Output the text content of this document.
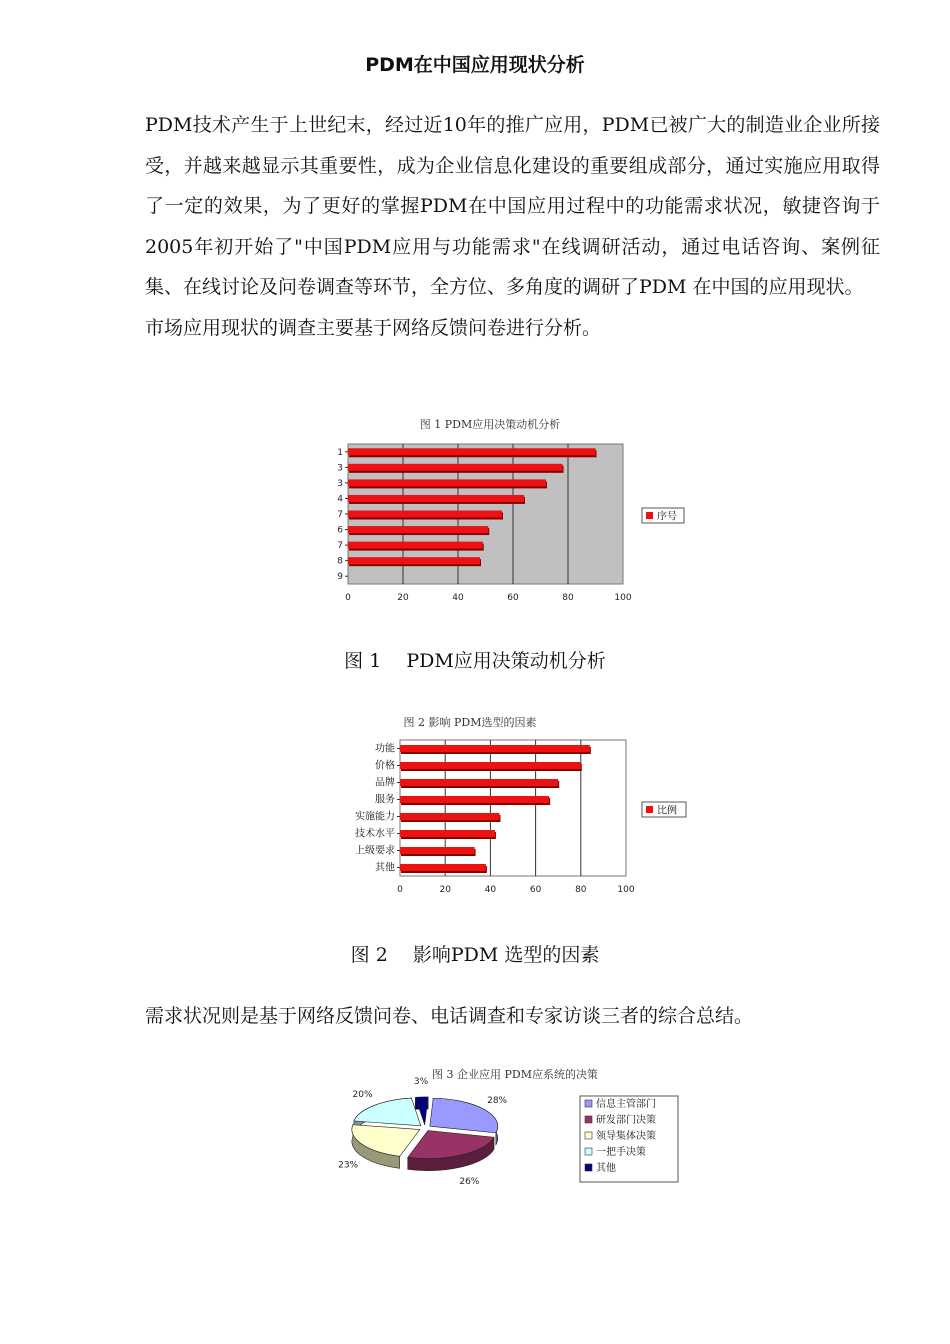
PDM在中国应用现状分析

PDM技术产生于上世纪末，经过近10年的推广应用，PDM已被广大的制造业企业所接受，并越来越显示其重要性，成为企业信息化建设的重要组成部分，通过实施应用取得了一定的效果，为了更好的掌握PDM在中国应用过程中的功能需求状况，敏捷咨询于2005年初开始了"中国PDM应用与功能需求"在线调研活动，通过电话咨询、案例征集、在线讨论及问卷调查等环节，全方位、多角度的调研了PDM 在中国的应用现状。

市场应用现状的调查主要基于网络反馈问卷进行分析。

图 1 PDM应用决策动机分析
0	20	40	60	80	100
1
3
3
4
7
6
7
8
9
序号
图 1　 PDM应用决策动机分析
图 2 影响 PDM选型的因素
0	20	40	60	80	100
功能
价格
品牌
服务
实施能力
技术水平
上级要求
其他
比例
图 2　 影响PDM 选型的因素

需求状况则是基于网络反馈问卷、电话调查和专家访谈三者的综合总结。

图 3 企业应用 PDM应系统的决策
28%
26%
23%
20%
3%
信息主管部门
研发部门决策
领导集体决策
一把手决策
其他
